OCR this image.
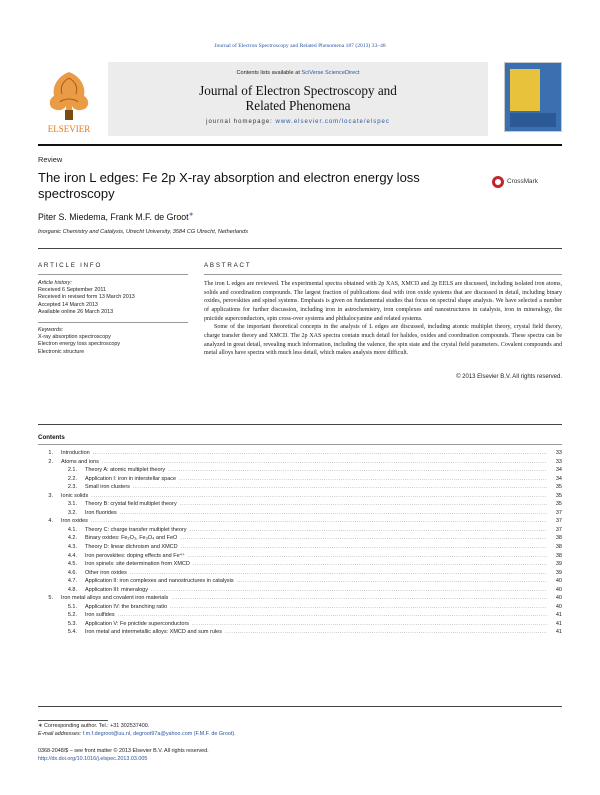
Journal of Electron Spectroscopy and Related Phenomena 187 (2013) 33–48
ELSEVIER
Contents lists available at SciVerse ScienceDirect
Journal of Electron Spectroscopy and
Related Phenomena
journal homepage: www.elsevier.com/locate/elspec
Review
The iron L edges: Fe 2p X-ray absorption and electron energy loss spectroscopy
CrossMark
Piter S. Miedema, Frank M.F. de Groot∗
Inorganic Chemistry and Catalysis, Utrecht University, 3584 CG Utrecht, Netherlands
ARTICLE INFO	ABSTRACT
Article history:
Received 6 September 2011
Received in revised form 13 March 2013
Accepted 14 March 2013
Available online 26 March 2013
Keywords:
X-ray absorption spectroscopy
Electron energy loss spectroscopy
Electronic structure

The iron L edges are reviewed. The experimental spectra obtained with 2p XAS, XMCD and 2p EELS are discussed, including isolated iron atoms, solids and coordination compounds. The largest fraction of publications deal with iron oxide systems that are discussed in detail, including binary oxides, perovskites and spinel systems. Emphasis is given on fundamental studies that focus on spectral shape analysis. We have selected a number of applications for further discussion, including iron in astrochemistry, iron complexes and nanostructures in catalysis, iron in mineralogy, the pnictide superconductors, spin cross-over systems and phthalocyanine and related systems.

Some of the important theoretical concepts in the analysis of L edges are discussed, including atomic multiplet theory, crystal field theory, charge transfer theory and XMCD. The 2p XAS spectra contain much detail for halides, oxides and coordination compounds. These spectra can be analyzed in great detail, revealing much information, including the valence, the spin state and the crystal field parameters. Covalent compounds and metal alloys have spectra with much less detail, which makes analysis more difficult.

© 2013 Elsevier B.V. All rights reserved.
Contents
1. Introduction .....	33
2. Atoms and ions .....	33
2.1. Theory A: atomic multiplet theory .....	34
2.2. Application I: iron in interstellar space .....	34
2.3. Small iron clusters .....	35
3. Ionic solids .....	35
3.1. Theory B: crystal field multiplet theory .....	35
3.2. Iron fluorides .....	37
4. Iron oxides .....	37
4.1. Theory C: charge transfer multiplet theory .....	37
4.2. Binary oxides: Fe₂O₃, Fe₃O₄ and FeO .....	38
4.3. Theory D: linear dichroism and XMCD .....	38
4.4. Iron perovskites: doping effects and Fe⁴⁺ .....	38
4.5. Iron spinels: site determination from XMCD .....	39
4.6. Other iron oxides .....	39
4.7. Application II: iron complexes and nanostructures in catalysis .....	40
4.8. Application III: mineralogy .....	40
5. Iron metal alloys and covalent iron materials .....	40
5.1. Application IV: the branching ratio .....	40
5.2. Iron sulfides .....	41
5.3. Application V: Fe pnictide superconductors .....	41
5.4. Iron metal and intermetallic alloys: XMCD and sum rules .....	41
∗ Corresponding author. Tel.: +31 302537400.
E-mail addresses: f.m.f.degroot@uu.nl, degroot97a@yahoo.com (F.M.F. de Groot).
0368-2048/$ – see front matter © 2013 Elsevier B.V. All rights reserved.
http://dx.doi.org/10.1016/j.elspec.2013.03.005
